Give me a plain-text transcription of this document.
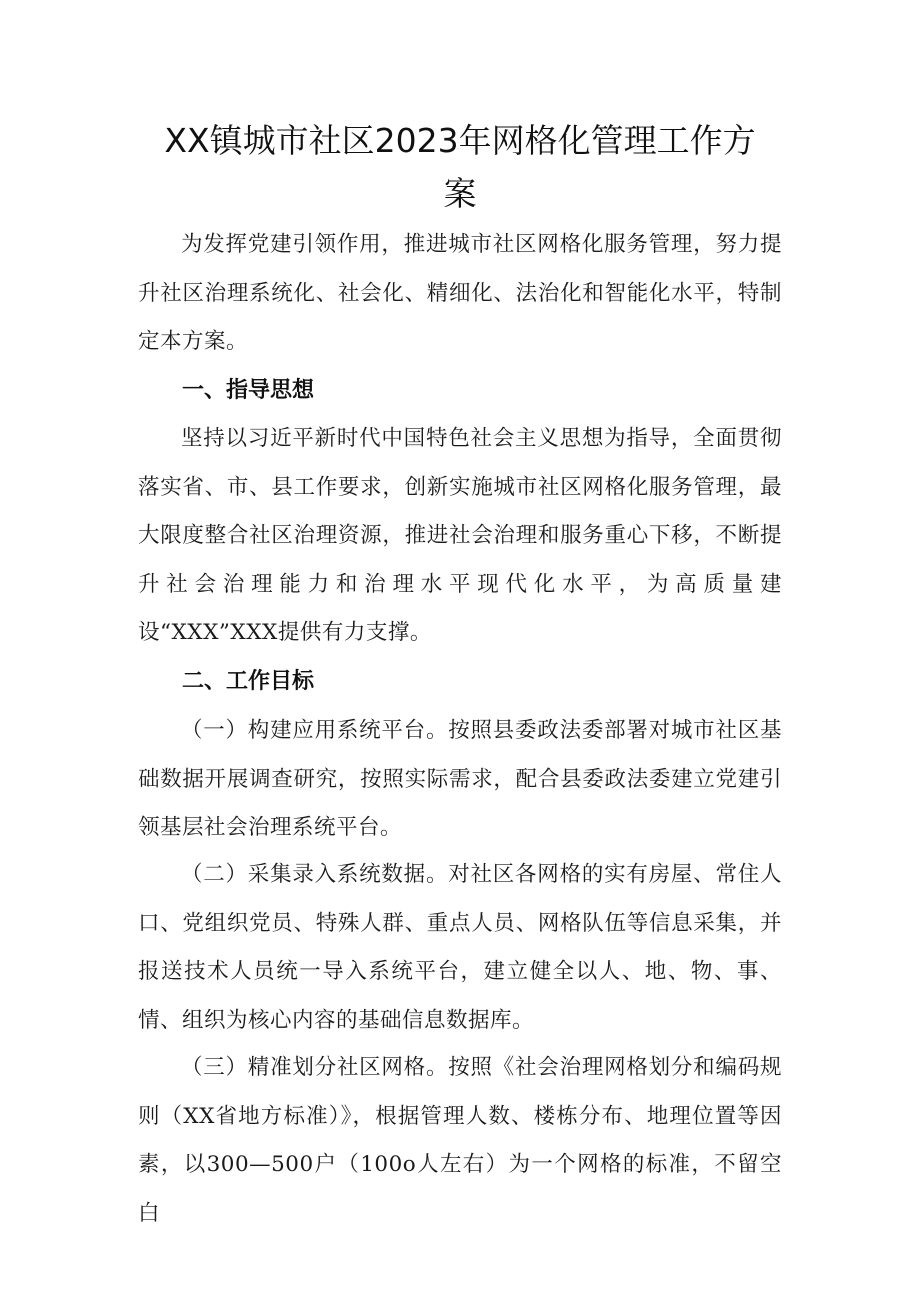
XX镇城市社区2023年网格化管理工作方
案

为发挥党建引领作用，推进城市社区网格化服务管理，努力提升社区治理系统化、社会化、精细化、法治化和智能化水平，特制定本方案。

一、指导思想

坚持以习近平新时代中国特色社会主义思想为指导，全面贯彻落实省、市、县工作要求，创新实施城市社区网格化服务管理，最大限度整合社区治理资源，推进社会治理和服务重心下移，不断提升社会治理能力和治理水平现代化水平，为高质量建设“XXX”XXX提供有力支撑。

二、工作目标

（一）构建应用系统平台。按照县委政法委部署对城市社区基础数据开展调查研究，按照实际需求，配合县委政法委建立党建引领基层社会治理系统平台。

（二）采集录入系统数据。对社区各网格的实有房屋、常住人口、党组织党员、特殊人群、重点人员、网格队伍等信息采集，并报送技术人员统一导入系统平台，建立健全以人、地、物、事、情、组织为核心内容的基础信息数据库。

（三）精准划分社区网格。按照《社会治理网格划分和编码规则（XX省地方标准）》，根据管理人数、楼栋分布、地理位置等因素，以300—500户（100o人左右）为一个网格的标准，不留空白
